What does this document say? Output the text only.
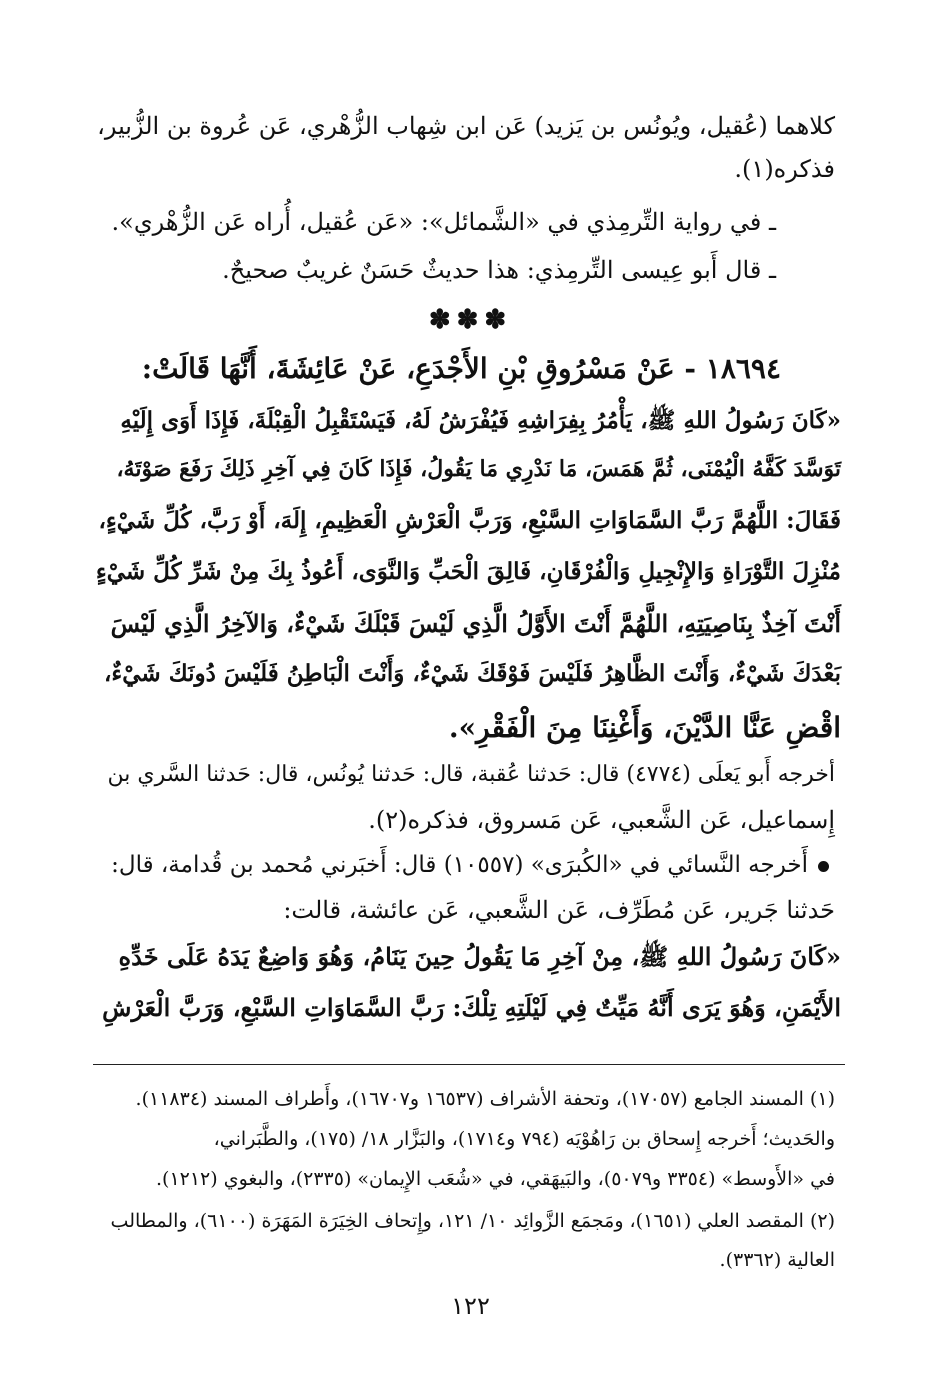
كلاهما (عُقيل، ويُونُس بن يَزيد) عَن ابن شِهاب الزُّهْري، عَن عُروة بن الزُّبير،
فذكره(١).
ـ في رواية التِّرمِذي في «الشَّمائل»: «عَن عُقيل، أُراه عَن الزُّهْري».
ـ قال أَبو عِيسى التِّرمِذي: هذا حديثٌ حَسَنٌ غريبٌ صحيحٌ.
✽✽✽
١٨٦٩٤ - عَنْ مَسْرُوقِ بْنِ الأَجْدَعِ، عَنْ عَائِشَةَ، أَنَّهَا قَالَتْ:
«كَانَ رَسُولُ اللهِ ﷺ، يَأْمُرُ بِفِرَاشِهِ فَيُفْرَشُ لَهُ، فَيَسْتَقْبِلُ الْقِبْلَةَ، فَإِذَا أَوَى إِلَيْهِ
تَوَسَّدَ كَفَّهُ الْيُمْنَى، ثُمَّ هَمَسَ، مَا نَدْرِي مَا يَقُولُ، فَإِذَا كَانَ فِي آخِرِ ذَلِكَ رَفَعَ صَوْتَهُ،
فَقَالَ: اللَّهُمَّ رَبَّ السَّمَاوَاتِ السَّبْعِ، وَرَبَّ الْعَرْشِ الْعَظِيمِ، إِلَهَ، أَوْ رَبَّ، كُلِّ شَيْءٍ،
مُنْزِلَ التَّوْرَاةِ وَالإِنْجِيلِ وَالْفُرْقَانِ، فَالِقَ الْحَبِّ وَالنَّوَى، أَعُوذُ بِكَ مِنْ شَرِّ كُلِّ شَيْءٍ
أَنْتَ آخِذٌ بِنَاصِيَتِهِ، اللَّهُمَّ أَنْتَ الأَوَّلُ الَّذِي لَيْسَ قَبْلَكَ شَيْءٌ، وَالآخِرُ الَّذِي لَيْسَ
بَعْدَكَ شَيْءٌ، وَأَنْتَ الظَّاهِرُ فَلَيْسَ فَوْقَكَ شَيْءٌ، وَأَنْتَ الْبَاطِنُ فَلَيْسَ دُونَكَ شَيْءٌ،
اقْضِ عَنَّا الدَّيْنَ، وَأَغْنِنَا مِنَ الْفَقْرِ».
أخرجه أَبو يَعلَى (٤٧٧٤) قال: حَدثنا عُقبة، قال: حَدثنا يُونُس، قال: حَدثنا السَّري بن
إِسماعيل، عَن الشَّعبي، عَن مَسروق، فذكره(٢).
أَخرجه النَّسائي في «الكُبرَى» (١٠٥٥٧) قال: أَخبَرني مُحمد بن قُدامة، قال:
حَدثنا جَرير، عَن مُطَرِّف، عَن الشَّعبي، عَن عائشة، قالت:
«كَانَ رَسُولُ اللهِ ﷺ، مِنْ آخِرِ مَا يَقُولُ حِينَ يَنَامُ، وَهُوَ وَاضِعٌ يَدَهُ عَلَى خَدِّهِ
الأَيْمَنِ، وَهُوَ يَرَى أَنَّهُ مَيِّتٌ فِي لَيْلَتِهِ تِلْكَ: رَبَّ السَّمَاوَاتِ السَّبْعِ، وَرَبَّ الْعَرْشِ
(١) المسند الجامع (١٧٠٥٧)، وتحفة الأشراف (١٦٥٣٧ و١٦٧٠٧)، وأَطراف المسند (١١٨٣٤).
والحَديث؛ أَخرجه إِسحاق بن رَاهُوْيَه (٧٩٤ و١٧١٤)، والبَزَّار ١٨/ (١٧٥)، والطَّبَراني،
في «الأَوسط» (٣٣٥٤ و٥٠٧٩)، والبَيهَقي، في «شُعَب الإِيمان» (٢٣٣٥)، والبغوي (١٢١٢).
(٢) المقصد العلي (١٦٥١)، ومَجمَع الزَّوائِد ١٠/ ١٢١، وإِتحاف الخِيَرَة المَهَرَة (٦١٠٠)، والمطالب
العالية (٣٣٦٢).
١٢٢
